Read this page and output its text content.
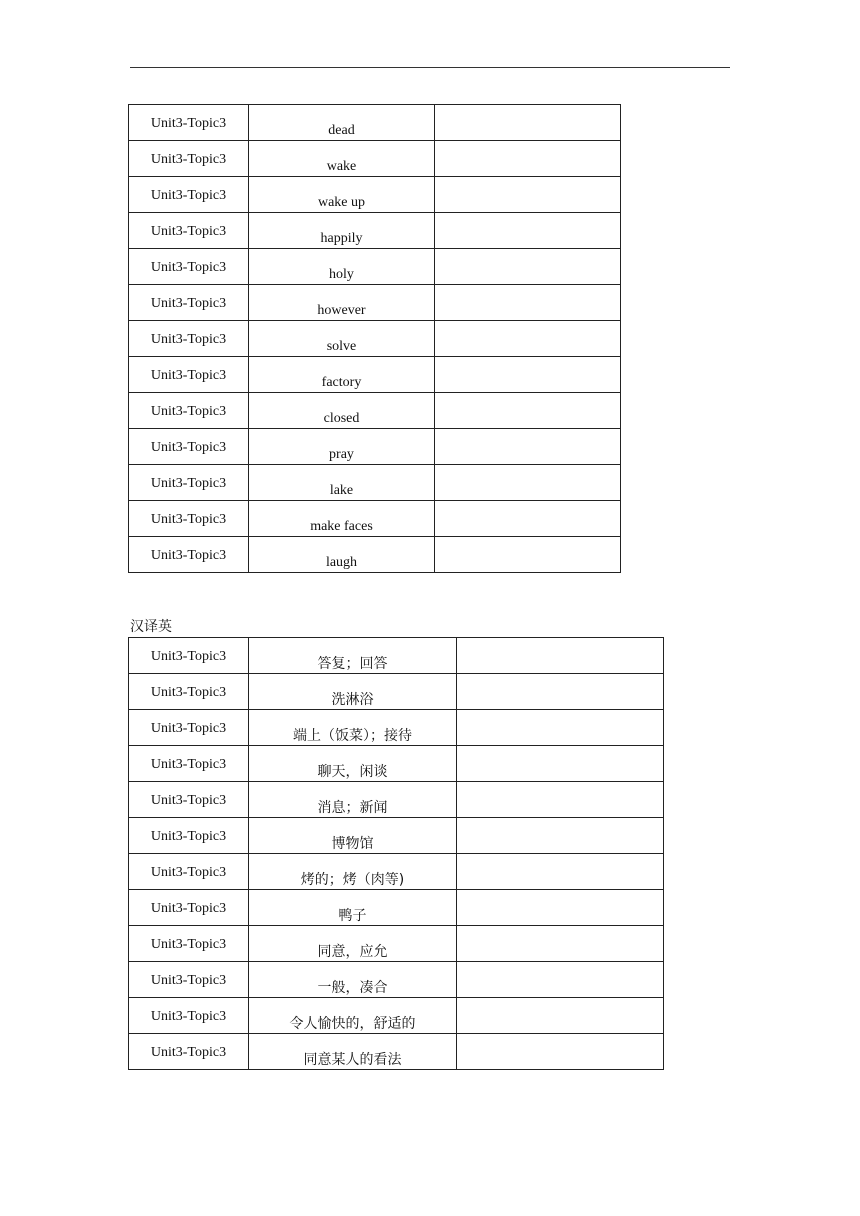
Unit3-Topic3	dead	
Unit3-Topic3	wake	
Unit3-Topic3	wake up	
Unit3-Topic3	happily	
Unit3-Topic3	holy	
Unit3-Topic3	however	
Unit3-Topic3	solve	
Unit3-Topic3	factory	
Unit3-Topic3	closed	
Unit3-Topic3	pray	
Unit3-Topic3	lake	
Unit3-Topic3	make faces	
Unit3-Topic3	laugh	
汉译英
Unit3-Topic3	答复；回答	
Unit3-Topic3	洗淋浴	
Unit3-Topic3	端上（饭菜）；接待	
Unit3-Topic3	聊天，闲谈	
Unit3-Topic3	消息；新闻	
Unit3-Topic3	博物馆	
Unit3-Topic3	烤的；烤（肉等)	
Unit3-Topic3	鸭子	
Unit3-Topic3	同意，应允	
Unit3-Topic3	一般，凑合	
Unit3-Topic3	令人愉快的，舒适的	
Unit3-Topic3	同意某人的看法	
